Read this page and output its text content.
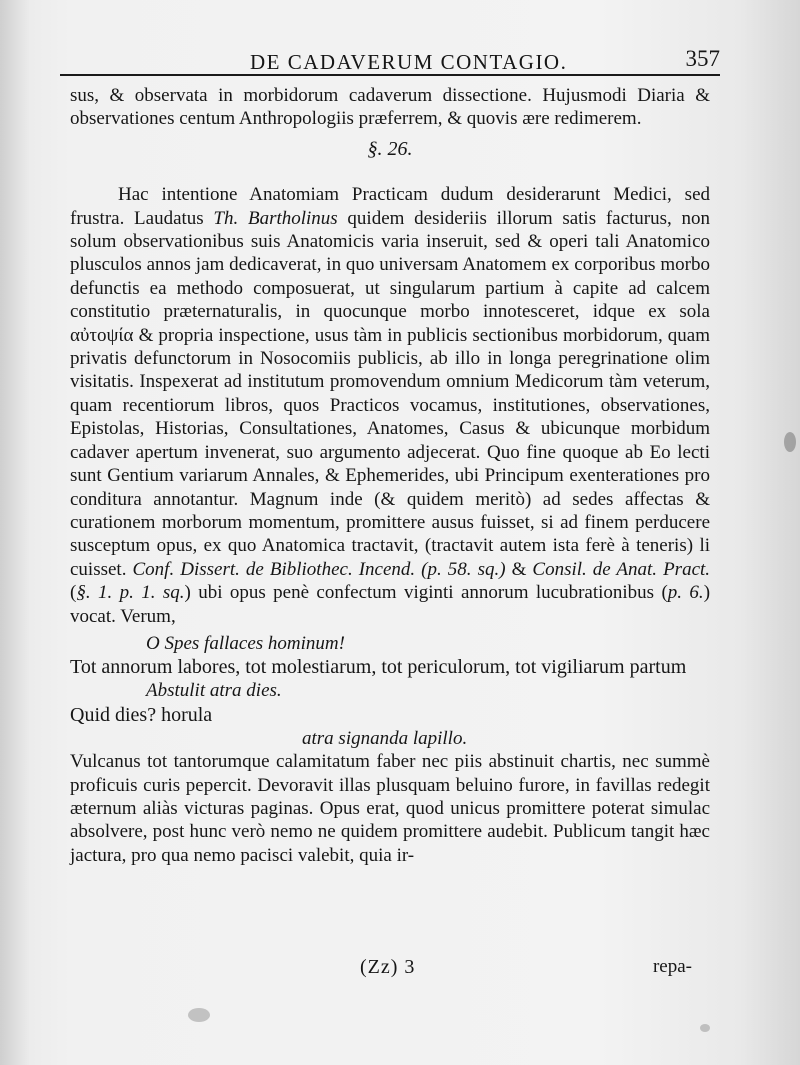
DE CADAVERUM CONTAGIO.	357

sus, & observata in morbidorum cadaverum dissectione. Hujusmodi Diaria & observationes centum Anthropologiis præferrem, & quovis ære redimerem.

§. 26.

Hac intentione Anatomiam Practicam dudum desiderarunt Medici, sed frustra. Laudatus Th. Bartholinus quidem desideriis illorum satis facturus, non solum observationibus suis Anatomicis varia inseruit, sed & operi tali Anatomico plusculos annos jam dedicaverat, in quo universam Anatomem ex corporibus morbo defunctis ea methodo composuerat, ut singularum partium à capite ad calcem constitutio præternaturalis, in quocunque morbo innotesceret, idque ex sola αὐτοψία & propria inspectione, usus tàm in publicis sectionibus morbidorum, quam privatis defunctorum in Nosocomiis publicis, ab illo in longa peregrinatione olim visitatis. Inspexerat ad institutum promovendum omnium Medicorum tàm veterum, quam recentiorum libros, quos Practicos vocamus, institutiones, observationes, Epistolas, Historias, Consultationes, Anatomes, Casus & ubicunque morbidum cadaver apertum invenerat, suo argumento adjecerat. Quo fine quoque ab Eo lecti sunt Gentium variarum Annales, & Ephemerides, ubi Principum exenterationes pro conditura annotantur. Magnum inde (& quidem meritò) ad sedes affectas & curationem morborum momentum, promittere ausus fuisset, si ad finem perducere susceptum opus, ex quo Anatomica tractavit, (tractavit autem ista ferè à teneris) li cuisset. Conf. Dissert. de Bibliothec. Incend. (p. 58. sq.) & Consil. de Anat. Pract. (§. 1. p. 1. sq.) ubi opus penè confectum viginti annorum lucubrationibus (p. 6.) vocat. Verum,

O Spes fallaces hominum!

Tot annorum labores, tot molestiarum, tot periculorum, tot vigiliarum partum

Abstulit atra dies.

Quid dies? horula

atra signanda lapillo.

Vulcanus tot tantorumque calamitatum faber nec piis abstinuit chartis, nec summè proficuis curis pepercit. Devoravit illas plusquam beluino furore, in favillas redegit æternum aliàs victuras paginas. Opus erat, quod unicus promittere poterat simulac absolvere, post hunc verò nemo ne quidem promittere audebit. Publicum tangit hæc jactura, pro qua nemo pacisci valebit, quia ir-

(Zz) 3	repa-
